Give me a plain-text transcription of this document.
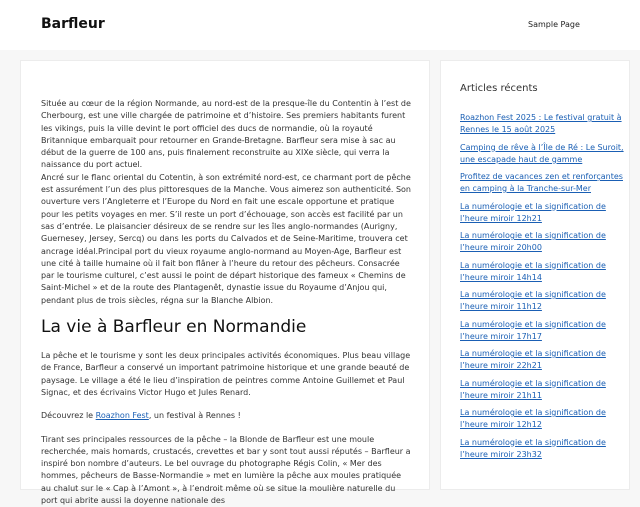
Barfleur	Sample Page

Située au cœur de la région Normande, au nord-est de la presque-île du Contentin à l’est de Cherbourg, est une ville chargée de patrimoine et d’histoire. Ses premiers habitants furent les vikings, puis la ville devint le port officiel des ducs de normandie, où la royauté Britannique embarquait pour retourner en Grande-Bretagne. Barfleur sera mise à sac au début de la guerre de 100 ans, puis finalement reconstruite au XIXe siècle, qui verra la naissance du port actuel.

Ancré sur le flanc oriental du Cotentin, à son extrémité nord-est, ce charmant port de pêche est assurément l’un des plus pittoresques de la Manche. Vous aimerez son authenticité. Son ouverture vers l’Angleterre et l’Europe du Nord en fait une escale opportune et pratique pour les petits voyages en mer. S’il reste un port d’échouage, son accès est facilité par un sas d’entrée. Le plaisancier désireux de se rendre sur les îles anglo-normandes (Aurigny, Guernesey, Jersey, Sercq) ou dans les ports du Calvados et de Seine-Maritime, trouvera cet ancrage idéal.Principal port du vieux royaume anglo-normand au Moyen-Age, Barfleur est une cité à taille humaine où il fait bon flâner à l’heure du retour des pêcheurs. Consacrée par le tourisme culturel, c’est aussi le point de départ historique des fameux « Chemins de Saint-Michel » et de la route des Plantagenêt, dynastie issue du Royaume d’Anjou qui, pendant plus de trois siècles, régna sur la Blanche Albion.

La vie à Barfleur en Normandie

La pêche et le tourisme y sont les deux principales activités économiques. Plus beau village de France, Barfleur a conservé un important patrimoine historique et une grande beauté de paysage. Le village a été le lieu d’inspiration de peintres comme Antoine Guillemet et Paul Signac, et des écrivains Victor Hugo et Jules Renard.

Découvrez le Roazhon Fest, un festival à Rennes !

Tirant ses principales ressources de la pêche – la Blonde de Barfleur est une moule recherchée, mais homards, crustacés, crevettes et bar y sont tout aussi réputés – Barfleur a inspiré bon nombre d’auteurs. Le bel ouvrage du photographe Régis Colin, « Mer des hommes, pêcheurs de Basse-Normandie » met en lumière la pêche aux moules pratiquée au chalut sur le « Cap à l’Amont », à l’endroit même où se situe la moulière naturelle du port qui abrite aussi la doyenne nationale des

Articles récents
Roazhon Fest 2025 : Le festival gratuit à Rennes le 15 août 2025
Camping de rêve à l’Île de Ré : Le Suroit, une escapade haut de gamme
Profitez de vacances zen et renforçantes en camping à la Tranche-sur-Mer
La numérologie et la signification de l’heure miroir 12h21
La numérologie et la signification de l’heure miroir 20h00
La numérologie et la signification de l’heure miroir 14h14
La numérologie et la signification de l’heure miroir 11h12
La numérologie et la signification de l’heure miroir 17h17
La numérologie et la signification de l’heure miroir 22h21
La numérologie et la signification de l’heure miroir 21h11
La numérologie et la signification de l’heure miroir 12h12
La numérologie et la signification de l’heure miroir 23h32
